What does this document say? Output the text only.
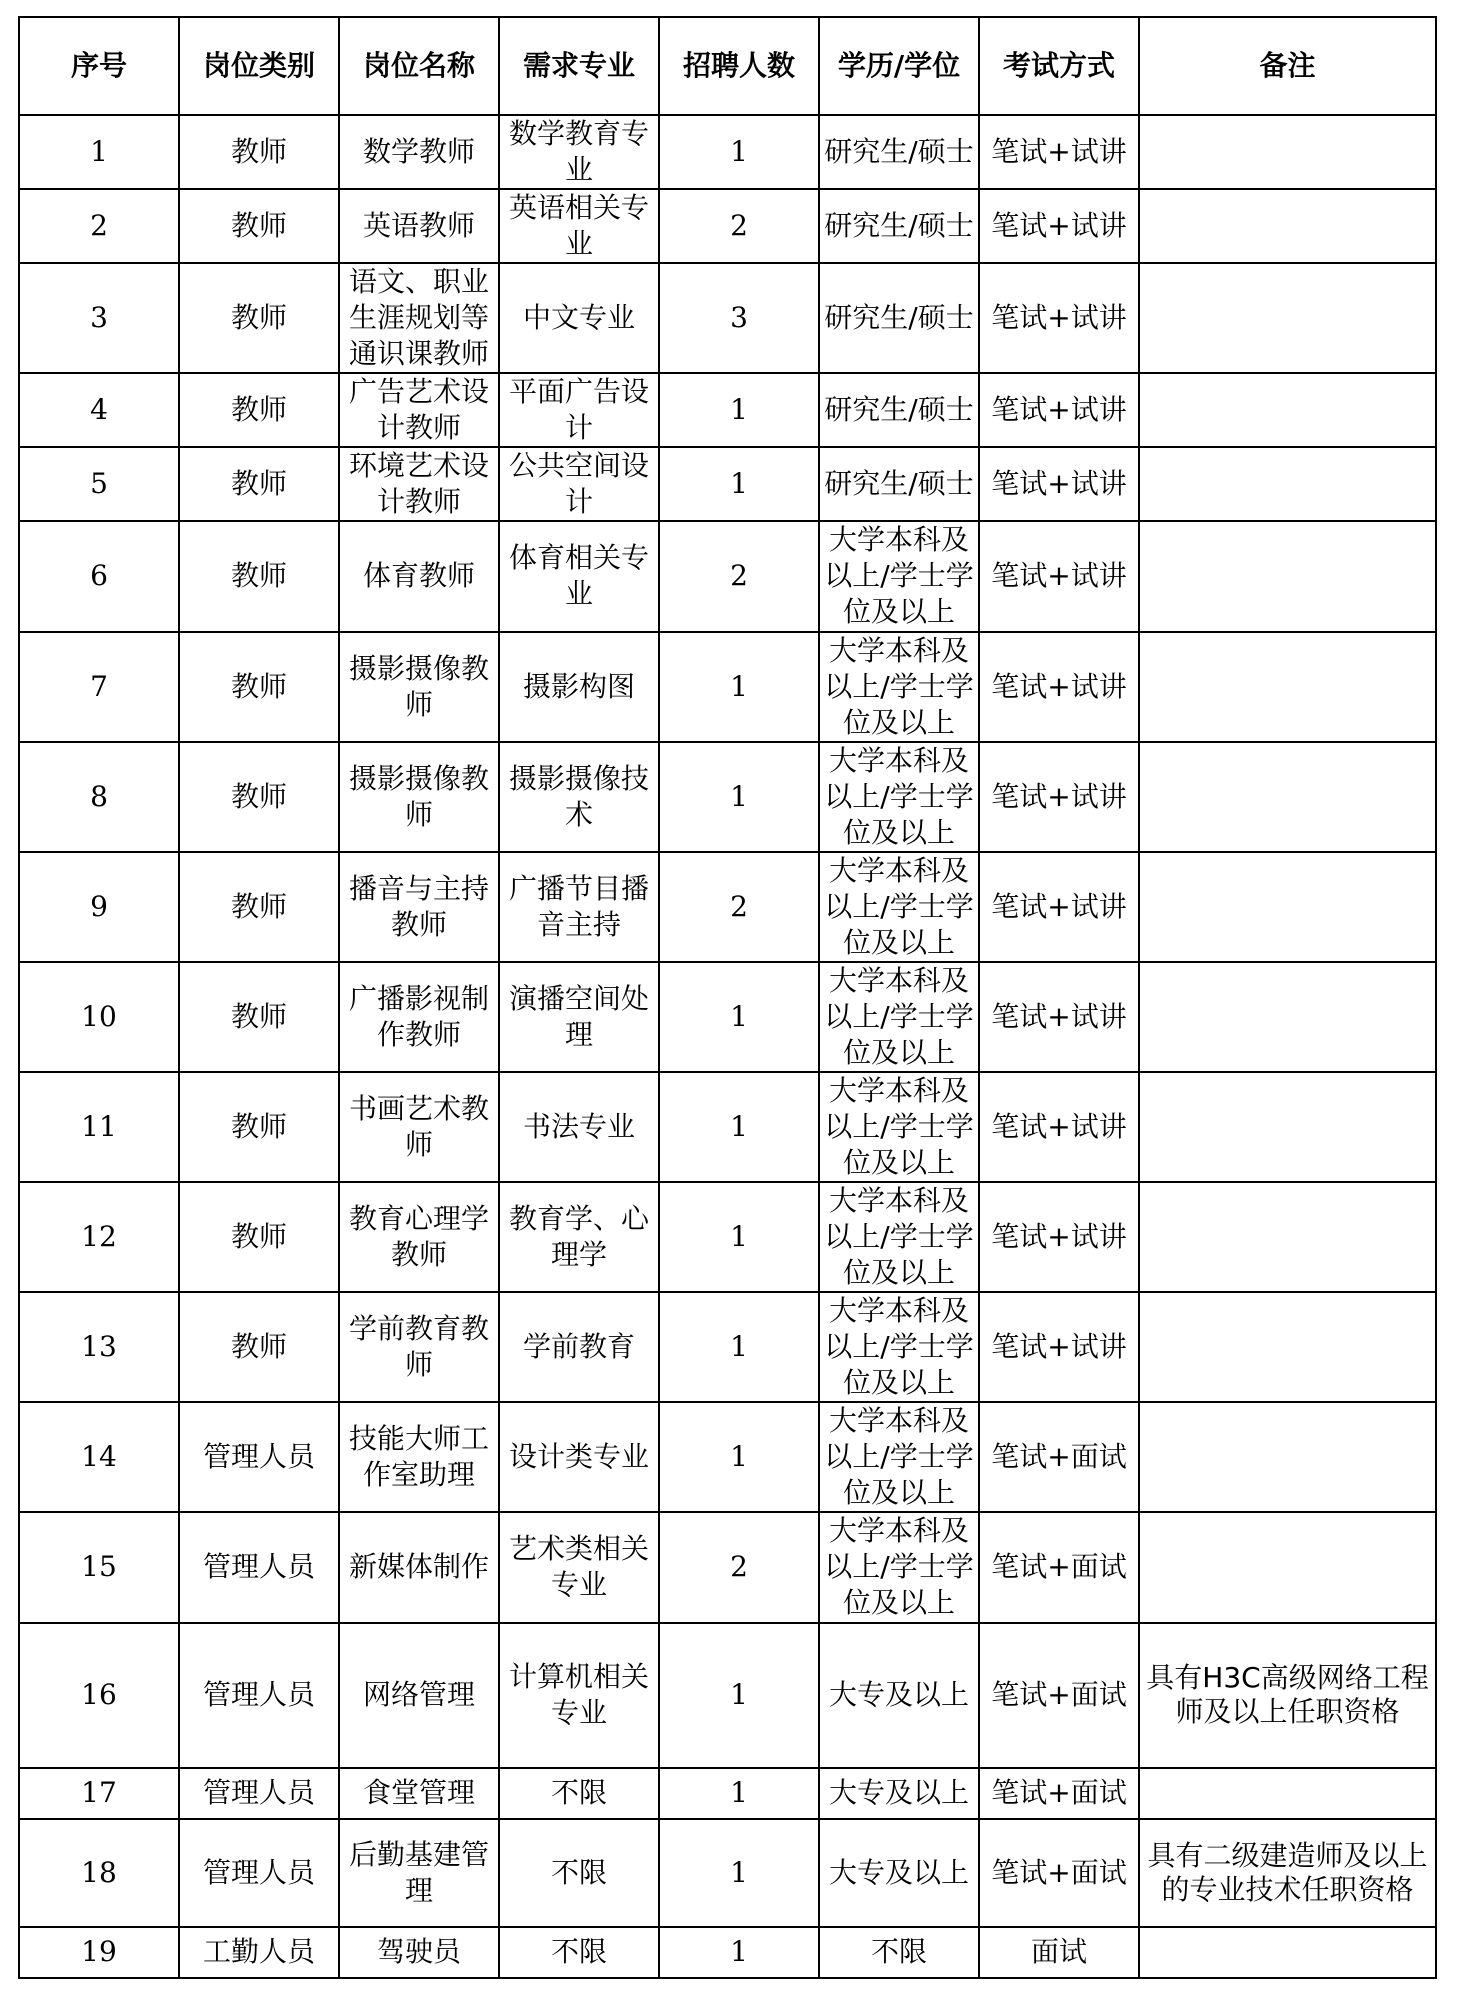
序号	岗位类别	岗位名称	需求专业	招聘人数	学历/学位	考试方式	备注
1	教师	数学教师	数学教育专业	1	研究生/硕士	笔试+试讲	
2	教师	英语教师	英语相关专业	2	研究生/硕士	笔试+试讲	
3	教师	语文、职业生涯规划等通识课教师	中文专业	3	研究生/硕士	笔试+试讲	
4	教师	广告艺术设计教师	平面广告设计	1	研究生/硕士	笔试+试讲	
5	教师	环境艺术设计教师	公共空间设计	1	研究生/硕士	笔试+试讲	
6	教师	体育教师	体育相关专业	2	大学本科及以上/学士学位及以上	笔试+试讲	
7	教师	摄影摄像教师	摄影构图	1	大学本科及以上/学士学位及以上	笔试+试讲	
8	教师	摄影摄像教师	摄影摄像技术	1	大学本科及以上/学士学位及以上	笔试+试讲	
9	教师	播音与主持教师	广播节目播音主持	2	大学本科及以上/学士学位及以上	笔试+试讲	
10	教师	广播影视制作教师	演播空间处理	1	大学本科及以上/学士学位及以上	笔试+试讲	
11	教师	书画艺术教师	书法专业	1	大学本科及以上/学士学位及以上	笔试+试讲	
12	教师	教育心理学教师	教育学、心理学	1	大学本科及以上/学士学位及以上	笔试+试讲	
13	教师	学前教育教师	学前教育	1	大学本科及以上/学士学位及以上	笔试+试讲	
14	管理人员	技能大师工作室助理	设计类专业	1	大学本科及以上/学士学位及以上	笔试+面试	
15	管理人员	新媒体制作	艺术类相关专业	2	大学本科及以上/学士学位及以上	笔试+面试	
16	管理人员	网络管理	计算机相关专业	1	大专及以上	笔试+面试	具有H3C高级网络工程师及以上任职资格
17	管理人员	食堂管理	不限	1	大专及以上	笔试+面试	
18	管理人员	后勤基建管理	不限	1	大专及以上	笔试+面试	具有二级建造师及以上的专业技术任职资格
19	工勤人员	驾驶员	不限	1	不限	面试	
